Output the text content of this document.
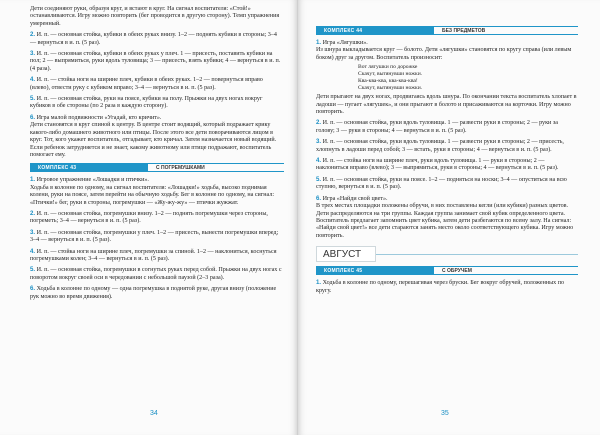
Дети соединяют руки, образуя круг, и встают в круг. На сигнал воспитателя: «Стой!» останавливаются. Игру можно повторить (бег проводится в другую сторону). Темп упражнения умеренный.

2. И. п. — основная стойка, кубики в обеих руках внизу. 1–2 — поднять кубики в стороны; 3–4 — вернуться в и. п. (5 раз).

3. И. п. — основная стойка, кубики в обеих руках у плеч. 1 — присесть, поставить кубики на пол; 2 — выпрямиться, руки вдоль туловища; 3 — присесть, взять кубики; 4 — вернуться в и. п. (4 раза).

4. И. п. — стойка ноги на ширине плеч, кубики в обеих руках. 1–2 — повернуться вправо (влево), отвести руку с кубиком вправо; 3–4 — вернуться в и. п. (5 раз).

5. И. п. — основная стойка, руки на поясе, кубики на полу. Прыжки на двух ногах вокруг кубиков в обе стороны (по 2 раза в каждую сторону).

6. Игра малой подвижности «Угадай, кто кричит».

Дети становятся в круг спиной к центру. В центре стоит водящий, который подражает крику какого-либо домашнего животного или птицы. После этого все дети поворачиваются лицом в круг. Тот, кого укажет воспитатель, отгадывает, кто кричал. Затем назначается новый водящий. Если ребенок затрудняется и не знает, какому животному или птице подражают, воспитатель помогает ему.

КОМПЛЕКС 43	С ПОГРЕМУШКАМИ

1. Игровое упражнение «Лошадки и птички».

Ходьба в колонне по одному, на сигнал воспитателя: «Лошадки!» ходьба, высоко поднимая колени, руки на поясе, затем перейти на обычную ходьбу. Бег в колонне по одному, на сигнал: «Птички!» бег, руки в стороны, погремушки — «Жу-жу-жу» — птички жужжат.

2. И. п. — основная стойка, погремушки внизу. 1–2 — поднять погремушки через стороны, погреметь; 3–4 — вернуться в и. п. (5 раз).

3. И. п. — основная стойка, погремушки у плеч. 1–2 — присесть, вынести погремушки вперед; 3–4 — вернуться в и. п. (5 раз).

4. И. п. — стойка ноги на ширине плеч, погремушки за спиной. 1–2 — наклониться, коснуться погремушками колен; 3–4 — вернуться в и. п. (5 раз).

5. И. п. — основная стойка, погремушки в согнутых руках перед собой. Прыжки на двух ногах с поворотом вокруг своей оси в чередовании с небольшой паузой (2–3 раза).

6. Ходьба в колонне по одному — одна погремушка в поднятой руке, другая внизу (положение рук можно во время движения).

34
КОМПЛЕКС 44	БЕЗ ПРЕДМЕТОВ

1. Игра «Лягушки».

Из шнура выкладывается круг — болото. Дети «лягушки» становятся по кругу справа (или левым боком) друг за другом. Воспитатель произносит:

Вот лягушки по дорожке

Скачут, вытянувши ножки.

Ква-ква-ква, ква-ква-ква!

Скачут, вытянувши ножки.

Дети прыгают на двух ногах, продвигаясь вдоль шнура. По окончании текста воспитатель хлопает в ладоши — пугает «лягушек», и они прыгают в болото и присаживаются на корточки. Игру можно повторить.

2. И. п. — основная стойка, руки вдоль туловища. 1 — развести руки в стороны; 2 — руки за голову; 3 — руки в стороны; 4 — вернуться в и. п. (5 раз).

3. И. п. — основная стойка, руки вдоль туловища. 1 — развести руки в стороны; 2 — присесть, хлопнуть в ладоши перед собой; 3 — встать, руки в стороны; 4 — вернуться в и. п. (5 раз).

4. И. п. — стойка ноги на ширине плеч, руки вдоль туловища. 1 — руки в стороны; 2 — наклониться вправо (влево); 3 — выпрямиться, руки в стороны; 4 — вернуться в и. п. (5 раз).

5. И. п. — основная стойка, руки на поясе. 1–2 — подняться на носки; 3–4 — опуститься на всю ступню, вернуться в и. п. (5 раз).

6. Игра «Найди свой цвет».

В трех местах площадки положены обручи, в них поставлены кегли (или кубики) разных цветов. Дети распределяются на три группы. Каждая группа занимает свой кубик определенного цвета. Воспитатель предлагает запомнить цвет кубика, затем дети разбегаются по всему залу. На сигнал: «Найди свой цвет!» все дети стараются занять место около соответствующего кубика. Игру можно повторить.

АВГУСТ
КОМПЛЕКС 45	С ОБРУЧЕМ

1. Ходьба в колонне по одному, перешагивая через бруски. Бег вокруг обручей, положенных по кругу.

35
